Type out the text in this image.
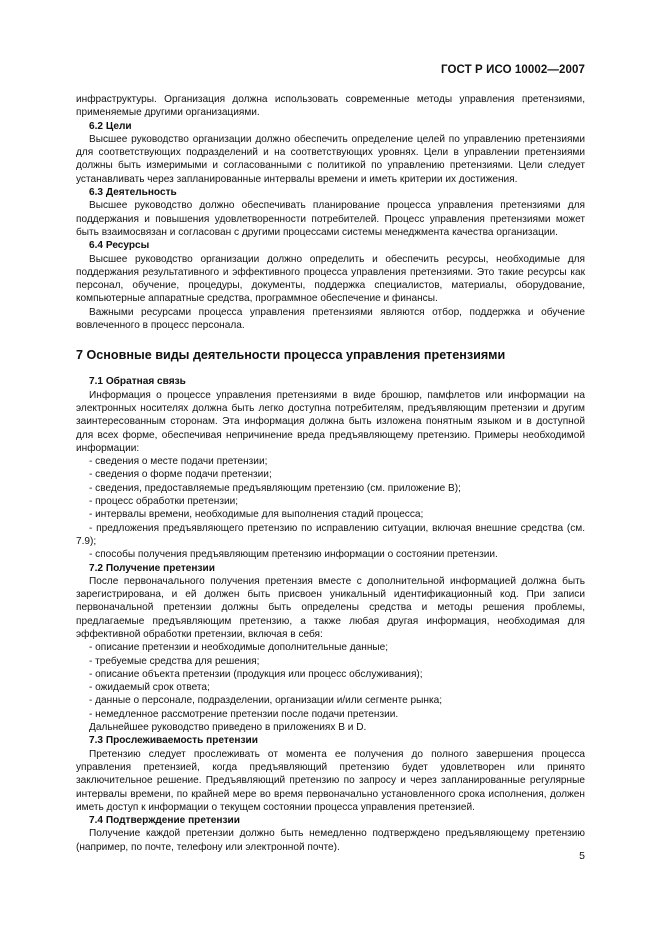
ГОСТ Р ИСО 10002—2007

инфраструктуры. Организация должна использовать современные методы управления претензиями, применяемые другими организациями.

6.2 Цели

Высшее руководство организации должно обеспечить определение целей по управлению претензиями для соответствующих подразделений и на соответствующих уровнях. Цели в управлении претензиями должны быть измеримыми и согласованными с политикой по управлению претензиями. Цели следует устанавливать через запланированные интервалы времени и иметь критерии их достижения.

6.3 Деятельность

Высшее руководство должно обеспечивать планирование процесса управления претензиями для поддержания и повышения удовлетворенности потребителей. Процесс управления претензиями может быть взаимосвязан и согласован с другими процессами системы менеджмента качества организации.

6.4 Ресурсы

Высшее руководство организации должно определить и обеспечить ресурсы, необходимые для поддержания результативного и эффективного процесса управления претензиями. Это такие ресурсы как персонал, обучение, процедуры, документы, поддержка специалистов, материалы, оборудование, компьютерные аппаратные средства, программное обеспечение и финансы.

Важными ресурсами процесса управления претензиями являются отбор, поддержка и обучение вовлеченного в процесс персонала.

7 Основные виды деятельности процесса управления претензиями

7.1 Обратная связь

Информация о процессе управления претензиями в виде брошюр, памфлетов или информации на электронных носителях должна быть легко доступна потребителям, предъявляющим претензии и другим заинтересованным сторонам. Эта информация должна быть изложена понятным языком и в доступной для всех форме, обеспечивая непричинение вреда предъявляющему претензию. Примеры необходимой информации:

- сведения о месте подачи претензии;
- сведения о форме подачи претензии;
- сведения, предоставляемые предъявляющим претензию (см. приложение В);
- процесс обработки претензии;
- интервалы времени, необходимые для выполнения стадий процесса;
- предложения предъявляющего претензию по исправлению ситуации, включая внешние средства (см. 7.9);
- способы получения предъявляющим претензию информации о состоянии претензии.

7.2 Получение претензии

После первоначального получения претензия вместе с дополнительной информацией должна быть зарегистрирована, и ей должен быть присвоен уникальный идентификационный код. При записи первоначальной претензии должны быть определены средства и методы решения проблемы, предлагаемые предъявляющим претензию, а также любая другая информация, необходимая для эффективной обработки претензии, включая в себя:

- описание претензии и необходимые дополнительные данные;
- требуемые средства для решения;
- описание объекта претензии (продукция или процесс обслуживания);
- ожидаемый срок ответа;
- данные о персонале, подразделении, организации и/или сегменте рынка;
- немедленное рассмотрение претензии после подачи претензии.

Дальнейшее руководство приведено в приложениях В и D.

7.3 Прослеживаемость претензии

Претензию следует прослеживать от момента ее получения до полного завершения процесса управления претензией, когда предъявляющий претензию будет удовлетворен или принято заключительное решение. Предъявляющий претензию по запросу и через запланированные регулярные интервалы времени, по крайней мере во время первоначально установленного срока исполнения, должен иметь доступ к информации о текущем состоянии процесса управления претензией.

7.4 Подтверждение претензии

Получение каждой претензии должно быть немедленно подтверждено предъявляющему претензию (например, по почте, телефону или электронной почте).

5
